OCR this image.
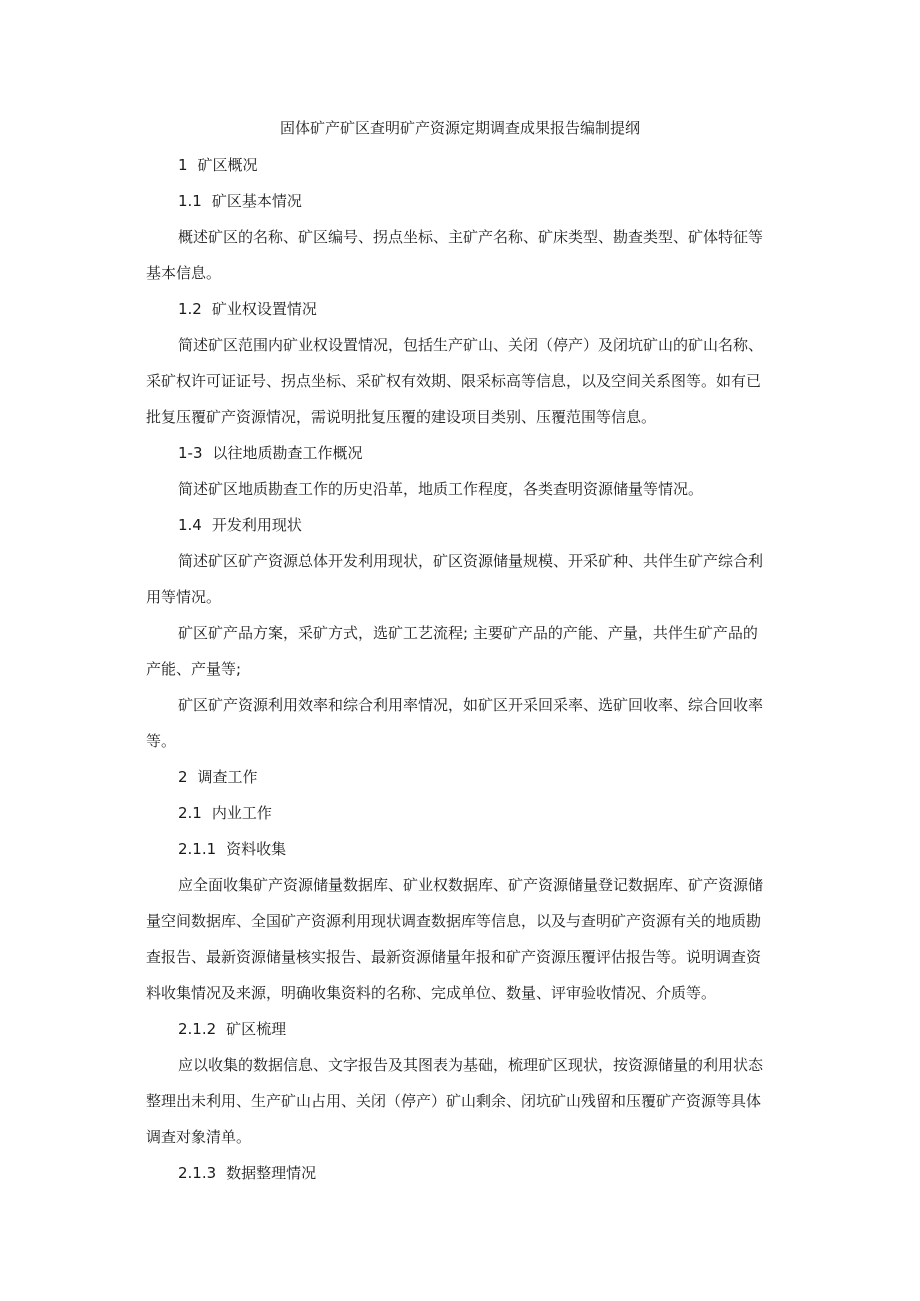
固体矿产矿区查明矿产资源定期调查成果报告编制提纲
1 矿区概况
1.1 矿区基本情况
概述矿区的名称、矿区编号、拐点坐标、主矿产名称、矿床类型、勘查类型、矿体特征等
基本信息。
1.2 矿业权设置情况
简述矿区范围内矿业权设置情况，包括生产矿山、关闭（停产）及闭坑矿山的矿山名称、
采矿权许可证证号、拐点坐标、采矿权有效期、限采标高等信息，以及空间关系图等。如有已
批复压覆矿产资源情况，需说明批复压覆的建设项目类别、压覆范围等信息。
1-3 以往地质勘查工作概况
简述矿区地质勘查工作的历史沿革，地质工作程度，各类查明资源储量等情况。
1.4 开发利用现状
简述矿区矿产资源总体开发利用现状，矿区资源储量规模、开采矿种、共伴生矿产综合利
用等情况。
矿区矿产品方案，采矿方式，选矿工艺流程; 主要矿产品的产能、产量，共伴生矿产品的
产能、产量等;
矿区矿产资源利用效率和综合利用率情况，如矿区开采回采率、选矿回收率、综合回收率
等。
2 调查工作
2.1 内业工作
2.1.1 资料收集
应全面收集矿产资源储量数据库、矿业权数据库、矿产资源储量登记数据库、矿产资源储
量空间数据库、全国矿产资源利用现状调查数据库等信息，以及与查明矿产资源有关的地质勘
查报告、最新资源储量核实报告、最新资源储量年报和矿产资源压覆评估报告等。说明调查资
料收集情况及来源，明确收集资料的名称、完成单位、数量、评审验收情况、介质等。
2.1.2 矿区梳理
应以收集的数据信息、文字报告及其图表为基础，梳理矿区现状，按资源储量的利用状态
整理出未利用、生产矿山占用、关闭（停产）矿山剩余、闭坑矿山残留和压覆矿产资源等具体
调查对象清单。
2.1.3 数据整理情况
